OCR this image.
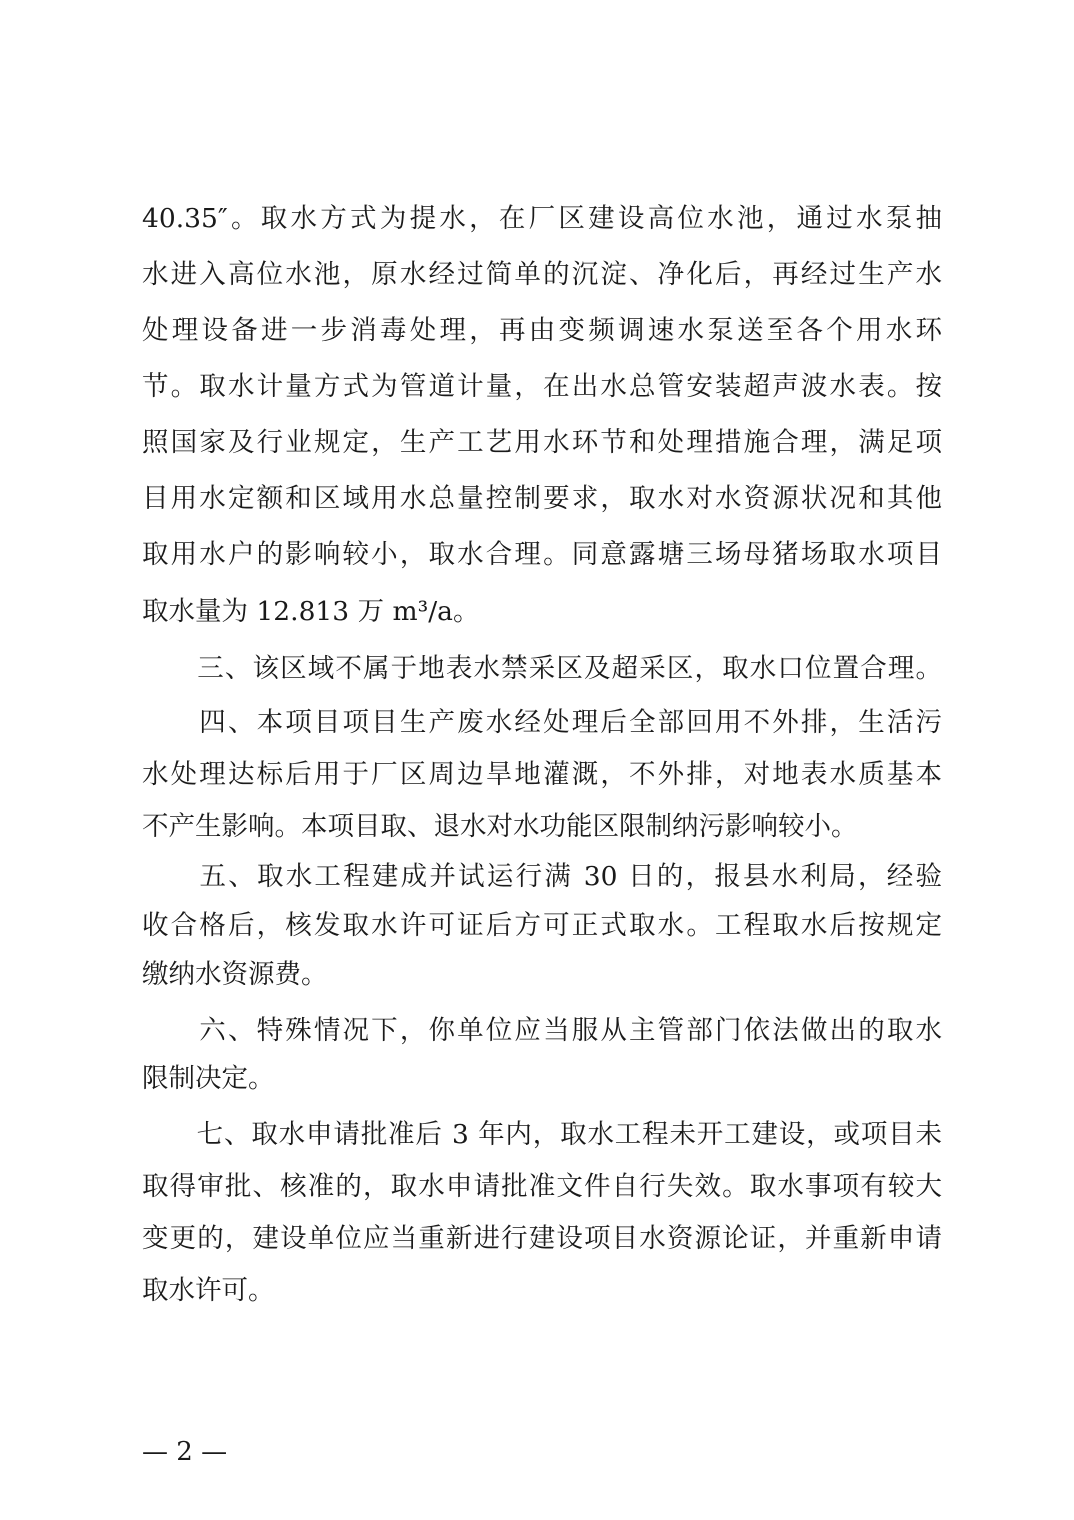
40.35″。取水方式为提水，在厂区建设高位水池，通过水泵抽
水进入高位水池，原水经过简单的沉淀、净化后，再经过生产水
处理设备进一步消毒处理，再由变频调速水泵送至各个用水环
节。取水计量方式为管道计量，在出水总管安装超声波水表。按
照国家及行业规定，生产工艺用水环节和处理措施合理，满足项
目用水定额和区域用水总量控制要求，取水对水资源状况和其他
取用水户的影响较小，取水合理。同意露塘三场母猪场取水项目
取水量为 12.813 万 m³/a。
　　三、该区域不属于地表水禁采区及超采区，取水口位置合理。
　　四、本项目项目生产废水经处理后全部回用不外排，生活污
水处理达标后用于厂区周边旱地灌溉，不外排，对地表水质基本
不产生影响。本项目取、退水对水功能区限制纳污影响较小。
　　五、取水工程建成并试运行满 30 日的，报县水利局，经验
收合格后，核发取水许可证后方可正式取水。工程取水后按规定
缴纳水资源费。
　　六、特殊情况下，你单位应当服从主管部门依法做出的取水
限制决定。
　　七、取水申请批准后 3 年内，取水工程未开工建设，或项目未
取得审批、核准的，取水申请批准文件自行失效。取水事项有较大
变更的，建设单位应当重新进行建设项目水资源论证，并重新申请
取水许可。
— 2 —
